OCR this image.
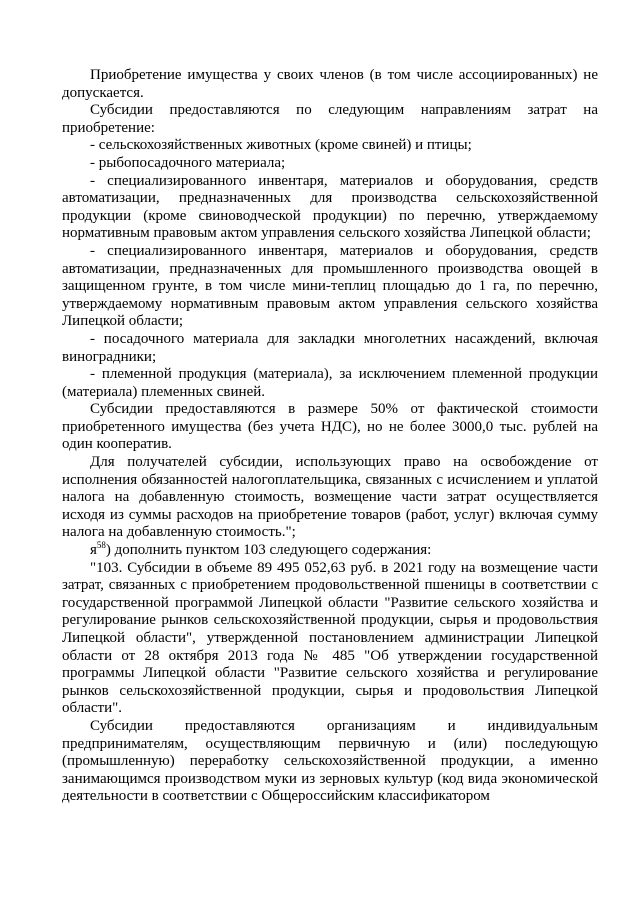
Приобретение имущества у своих членов (в том числе ассоциированных) не допускается.

Субсидии предоставляются по следующим направлениям затрат на приобретение:

- сельскохозяйственных животных (кроме свиней) и птицы;

- рыбопосадочного материала;

- специализированного инвентаря, материалов и оборудования, средств автоматизации, предназначенных для производства сельскохозяйственной продукции (кроме свиноводческой продукции) по перечню, утверждаемому нормативным правовым актом управления сельского хозяйства Липецкой области;

- специализированного инвентаря, материалов и оборудования, средств автоматизации, предназначенных для промышленного производства овощей в защищенном грунте, в том числе мини-теплиц площадью до 1 га, по перечню, утверждаемому нормативным правовым актом управления сельского хозяйства Липецкой области;

- посадочного материала для закладки многолетних насаждений, включая виноградники;

- племенной продукция (материала), за исключением племенной продукции (материала) племенных свиней.

Субсидии предоставляются в размере 50% от фактической стоимости приобретенного имущества (без учета НДС), но не более 3000,0 тыс. рублей на один кооператив.

Для получателей субсидии, использующих право на освобождение от исполнения обязанностей налогоплательщика, связанных с исчислением и уплатой налога на добавленную стоимость, возмещение части затрат осуществляется исходя из суммы расходов на приобретение товаров (работ, услуг) включая сумму налога на добавленную стоимость.";

$я^{58}$) дополнить пунктом 103 следующего содержания:

"103. Субсидии в объеме 89 495 052,63 руб. в 2021 году на возмещение части затрат, связанных с приобретением продовольственной пшеницы в соответствии с государственной программой Липецкой области "Развитие сельского хозяйства и регулирование рынков сельскохозяйственной продукции, сырья и продовольствия Липецкой области", утвержденной постановлением администрации Липецкой области от 28 октября 2013 года № 485 "Об утверждении государственной программы Липецкой области "Развитие сельского хозяйства и регулирование рынков сельскохозяйственной продукции, сырья и продовольствия Липецкой области".

Субсидии предоставляются организациям и индивидуальным предпринимателям, осуществляющим первичную и (или) последующую (промышленную) переработку сельскохозяйственной продукции, а именно занимающимся производством муки из зерновых культур (код вида экономической деятельности в соответствии с Общероссийским классификатором
